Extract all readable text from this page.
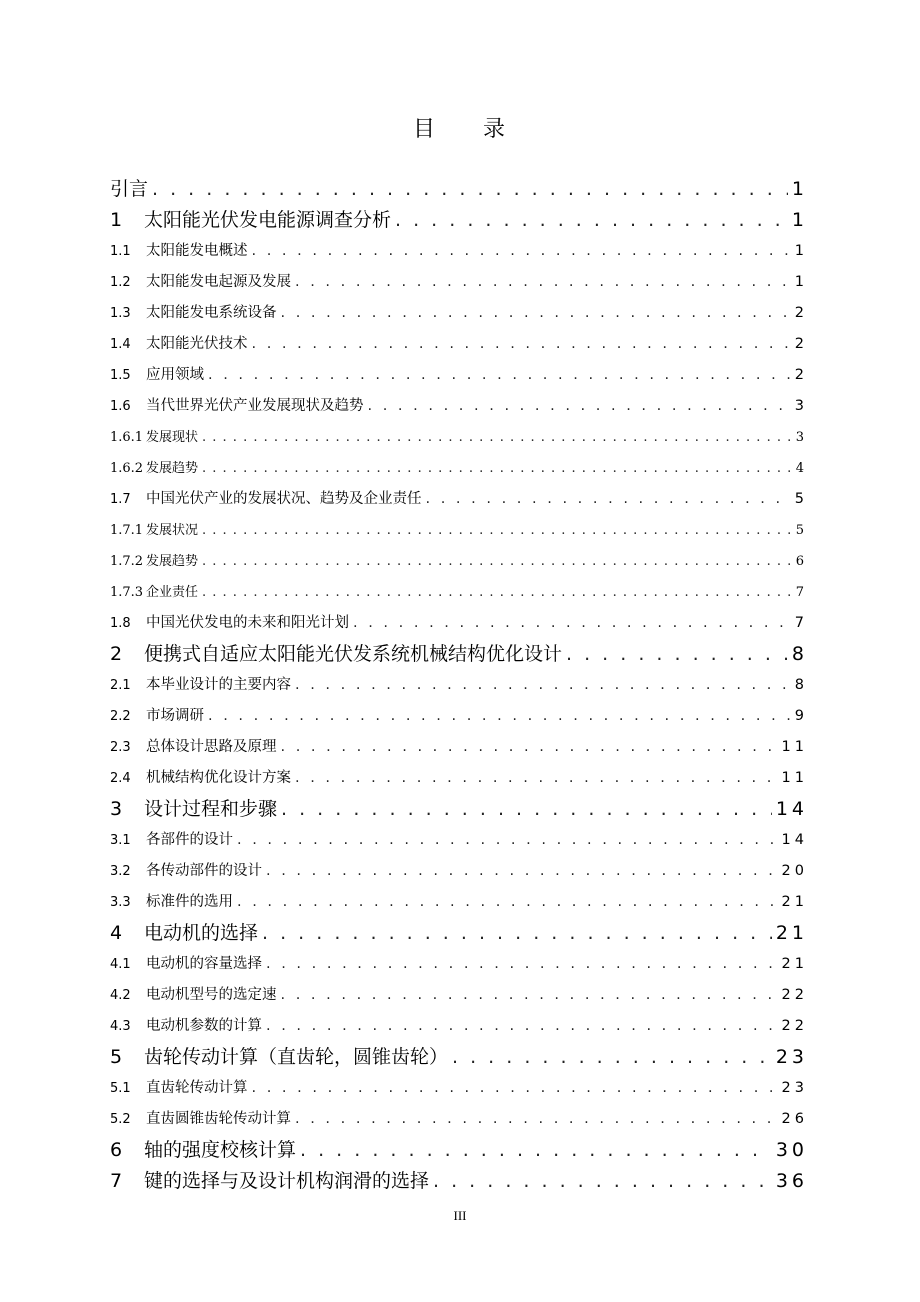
目 录
引言 . . .	1
1 太阳能光伏发电能源调查分析 . . .	1
1.1 太阳能发电概述 . . .	1
1.2 太阳能发电起源及发展 . . .	1
1.3 太阳能发电系统设备 . . .	2
1.4 太阳能光伏技术 . . .	2
1.5 应用领域 . . .	2
1.6 当代世界光伏产业发展现状及趋势 . . .	3
1.6.1 发展现状 . . .	3
1.6.2 发展趋势 . . .	4
1.7 中国光伏产业的发展状况、趋势及企业责任 . . .	5
1.7.1 发展状况 . . .	5
1.7.2 发展趋势 . . .	6
1.7.3 企业责任 . . .	7
1.8 中国光伏发电的未来和阳光计划 . . .	7
2 便携式自适应太阳能光伏发系统机械结构优化设计 . . .	8
2.1 本毕业设计的主要内容 . . .	8
2.2 市场调研 . . .	9
2.3 总体设计思路及原理 . . .	11
2.4 机械结构优化设计方案 . . .	11
3 设计过程和步骤 . . .	14
3.1 各部件的设计 . . .	14
3.2 各传动部件的设计 . . .	20
3.3 标准件的选用 . . .	21
4 电动机的选择 . . .	21
4.1 电动机的容量选择 . . .	21
4.2 电动机型号的选定速 . . .	22
4.3 电动机参数的计算 . . .	22
5 齿轮传动计算（直齿轮，圆锥齿轮） . . .	23
5.1 直齿轮传动计算 . . .	23
5.2 直齿圆锥齿轮传动计算 . . .	26
6 轴的强度校核计算 . . .	30
7 键的选择与及设计机构润滑的选择 . . .	36
III
